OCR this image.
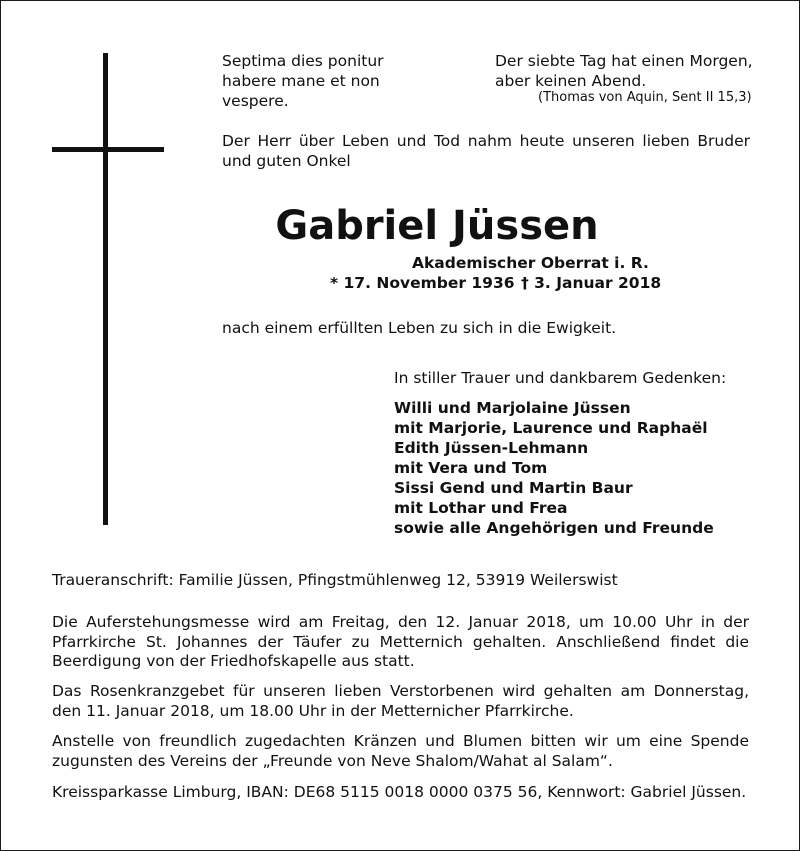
Septima dies ponitur
habere mane et non
vespere.
Der siebte Tag hat einen Morgen,
aber keinen Abend.
(Thomas von Aquin, Sent II 15,3)
Der Herr über Leben und Tod nahm heute unseren lieben Bruder und guten Onkel
Gabriel Jüssen
Akademischer Oberrat i. R.
* 17. November 1936 † 3. Januar 2018
nach einem erfüllten Leben zu sich in die Ewigkeit.
In stiller Trauer und dankbarem Gedenken:
Willi und Marjolaine Jüssen
mit Marjorie, Laurence und Raphaël
Edith Jüssen-Lehmann
mit Vera und Tom
Sissi Gend und Martin Baur
mit Lothar und Frea
sowie alle Angehörigen und Freunde
Traueranschrift: Familie Jüssen, Pfingstmühlenweg 12, 53919 Weilerswist
Die Auferstehungsmesse wird am Freitag, den 12. Januar 2018, um 10.00 Uhr in der Pfarrkirche St. Johannes der Täufer zu Metternich gehalten. Anschließend findet die Beerdigung von der Friedhofskapelle aus statt.
Das Rosenkranzgebet für unseren lieben Verstorbenen wird gehalten am Donnerstag, den 11. Januar 2018, um 18.00 Uhr in der Metternicher Pfarrkirche.
Anstelle von freundlich zugedachten Kränzen und Blumen bitten wir um eine Spende zugunsten des Vereins der „Freunde von Neve Shalom/Wahat al Salam“.
Kreissparkasse Limburg, IBAN: DE68 5115 0018 0000 0375 56, Kennwort: Gabriel Jüssen.
